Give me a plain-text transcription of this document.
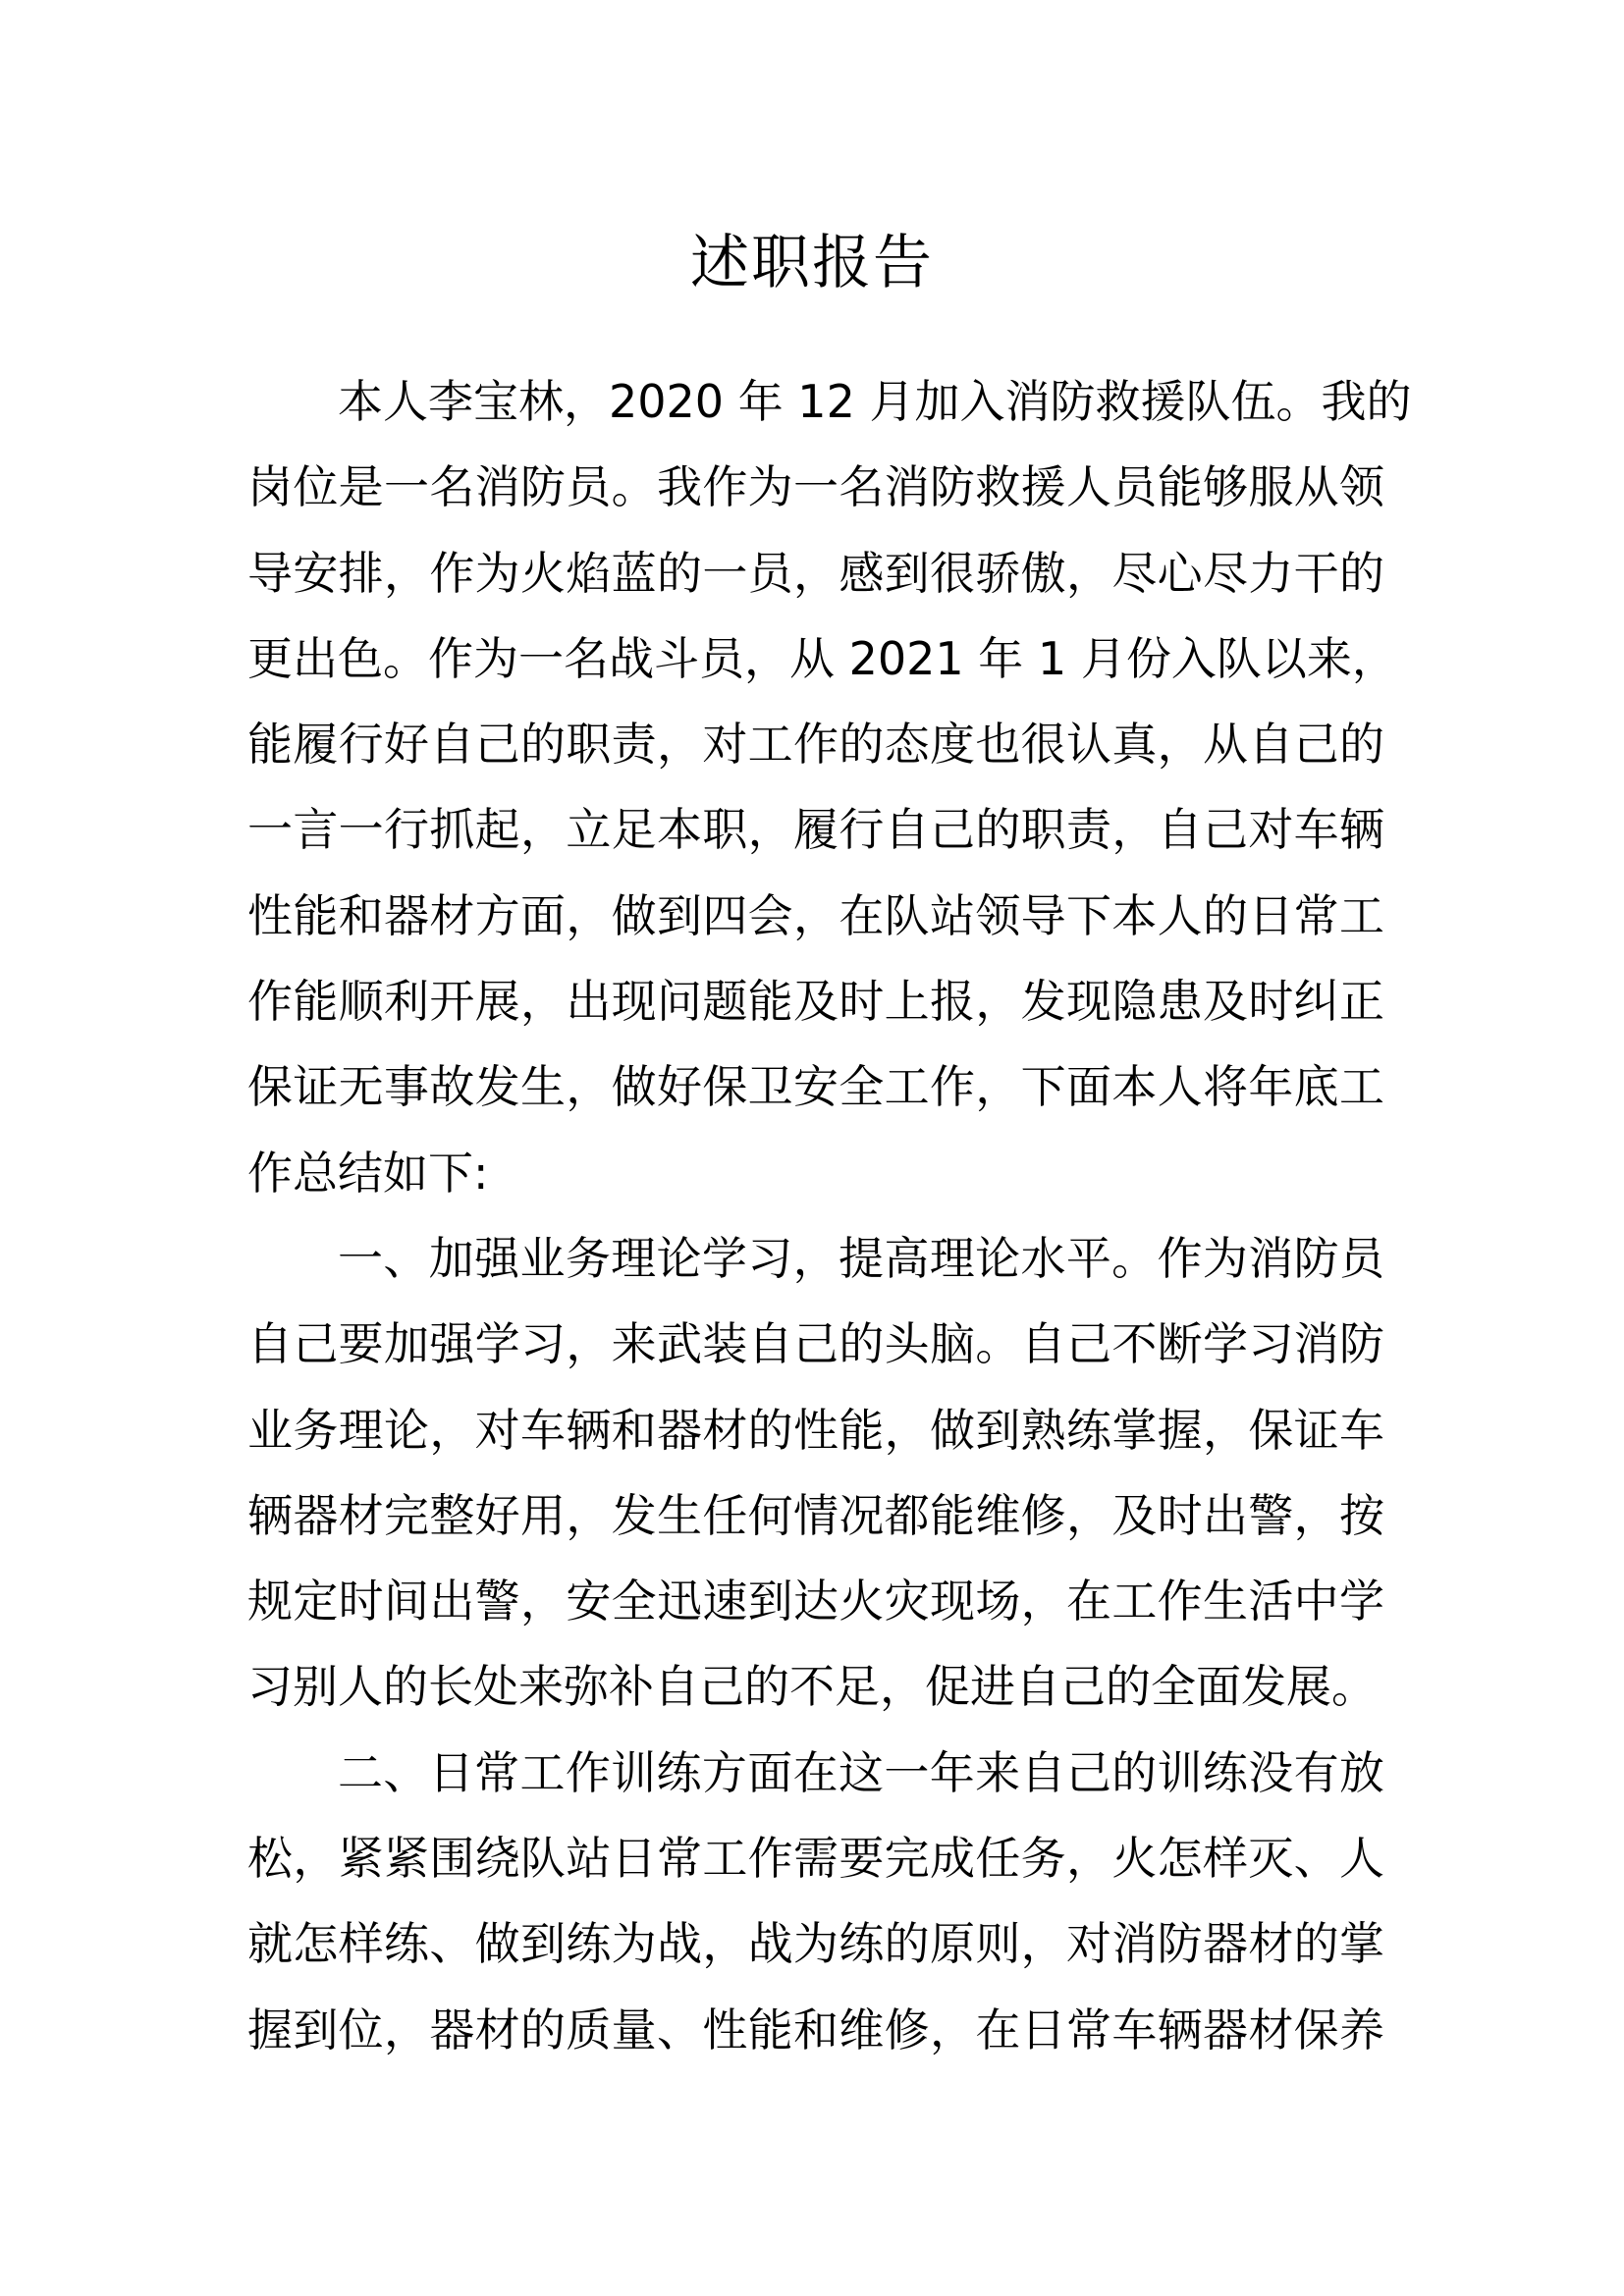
述职报告
本人李宝林，2020 年 12 月加入消防救援队伍。我的
岗位是一名消防员。我作为一名消防救援人员能够服从领
导安排，作为火焰蓝的一员，感到很骄傲，尽心尽力干的
更出色。作为一名战斗员，从 2021 年 1 月份入队以来，
能履行好自己的职责，对工作的态度也很认真，从自己的
一言一行抓起，立足本职，履行自己的职责，自己对车辆
性能和器材方面，做到四会，在队站领导下本人的日常工
作能顺利开展，出现问题能及时上报，发现隐患及时纠正
保证无事故发生，做好保卫安全工作，下面本人将年底工
作总结如下:
一、加强业务理论学习，提高理论水平。作为消防员
自己要加强学习，来武装自己的头脑。自己不断学习消防
业务理论，对车辆和器材的性能，做到熟练掌握，保证车
辆器材完整好用，发生任何情况都能维修，及时出警，按
规定时间出警，安全迅速到达火灾现场，在工作生活中学
习别人的长处来弥补自己的不足，促进自己的全面发展。
二、日常工作训练方面在这一年来自己的训练没有放
松，紧紧围绕队站日常工作需要完成任务，火怎样灭、人
就怎样练、做到练为战，战为练的原则，对消防器材的掌
握到位，器材的质量、性能和维修，在日常车辆器材保养
